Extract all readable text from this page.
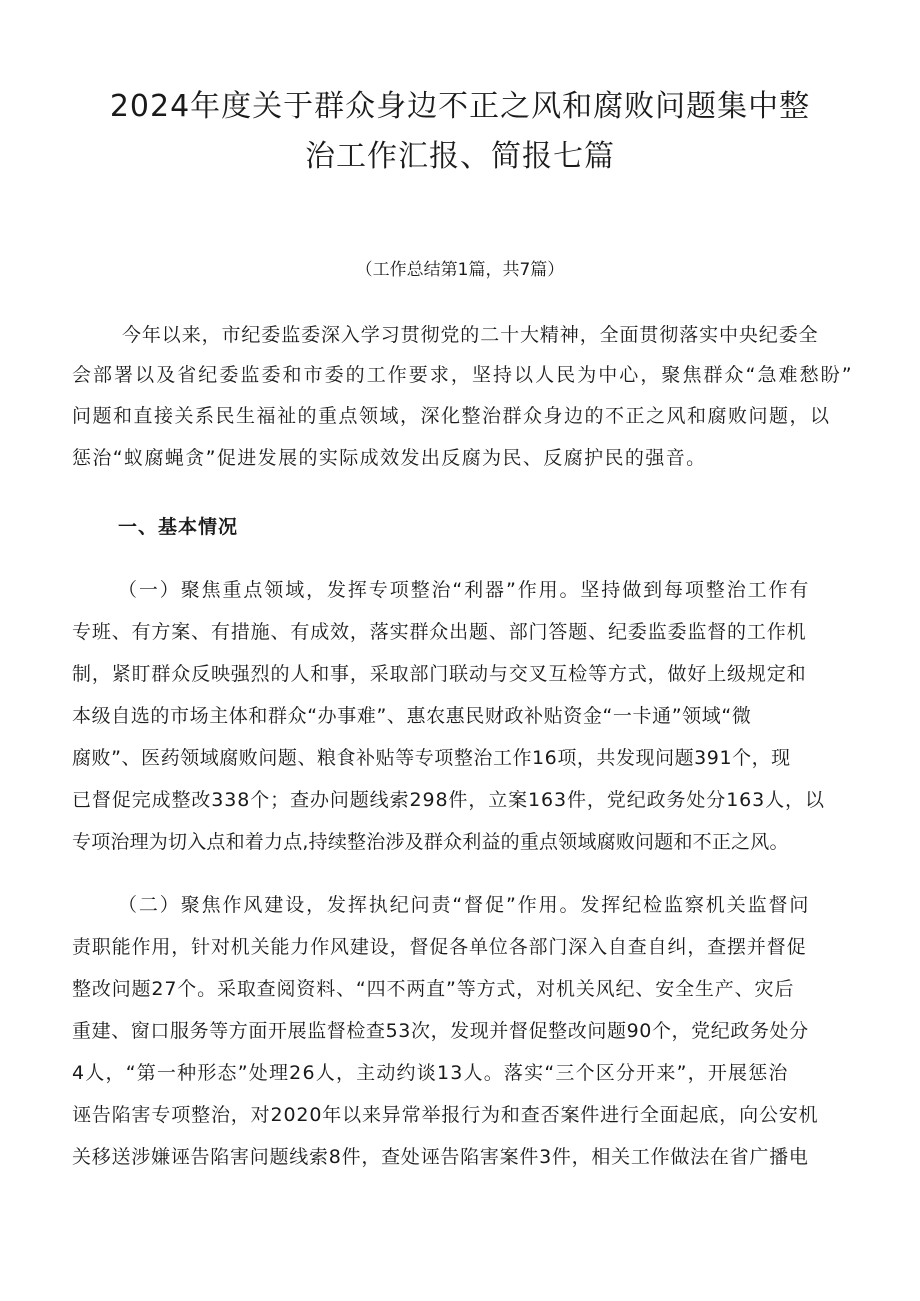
2024年度关于群众身边不正之风和腐败问题集中整
治工作汇报、简报七篇
（工作总结第1篇，共7篇）
今年以来，市纪委监委深入学习贯彻党的二十大精神，全面贯彻落实中央纪委全
会部署以及省纪委监委和市委的工作要求，坚持以人民为中心，聚焦群众“急难愁盼”
问题和直接关系民生福祉的重点领域，深化整治群众身边的不正之风和腐败问题，以
惩治“蚁腐蝇贪”促进发展的实际成效发出反腐为民、反腐护民的强音。
一、基本情况
（一）聚焦重点领域，发挥专项整治“利器”作用。坚持做到每项整治工作有
专班、有方案、有措施、有成效，落实群众出题、部门答题、纪委监委监督的工作机
制，紧盯群众反映强烈的人和事，采取部门联动与交叉互检等方式，做好上级规定和
本级自选的市场主体和群众“办事难”、惠农惠民财政补贴资金“一卡通”领域“微
腐败”、医药领域腐败问题、粮食补贴等专项整治工作16项，共发现问题391个，现
已督促完成整改338个；查办问题线索298件，立案163件，党纪政务处分163人，以
专项治理为切入点和着力点,持续整治涉及群众利益的重点领域腐败问题和不正之风。
（二）聚焦作风建设，发挥执纪问责“督促”作用。发挥纪检监察机关监督问
责职能作用，针对机关能力作风建设，督促各单位各部门深入自查自纠，查摆并督促
整改问题27个。采取查阅资料、“四不两直”等方式，对机关风纪、安全生产、灾后
重建、窗口服务等方面开展监督检查53次，发现并督促整改问题90个，党纪政务处分
4人，“第一种形态”处理26人，主动约谈13人。落实“三个区分开来”，开展惩治
诬告陷害专项整治，对2020年以来异常举报行为和查否案件进行全面起底，向公安机
关移送涉嫌诬告陷害问题线索8件，查处诬告陷害案件3件，相关工作做法在省广播电
